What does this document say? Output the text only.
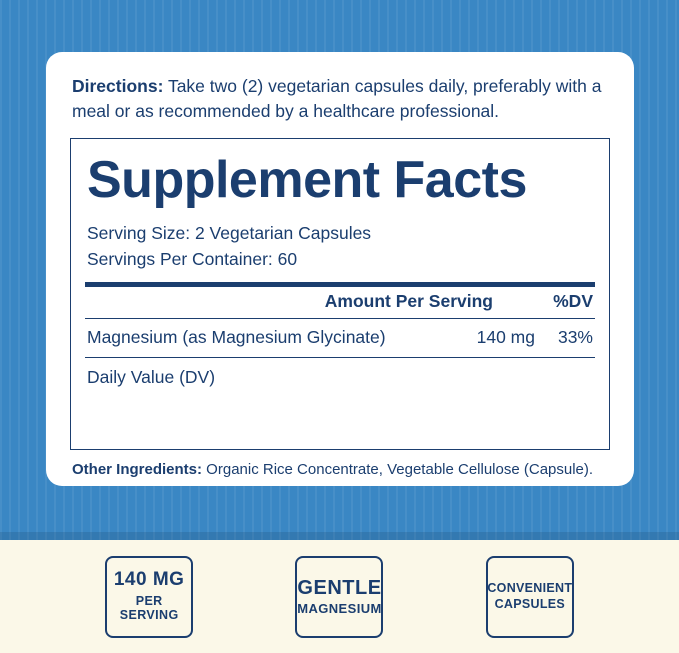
Directions: Take two (2) vegetarian capsules daily, preferably with a meal or as recommended by a healthcare professional.

Supplement Facts
Serving Size: 2 Vegetarian Capsules
Servings Per Container: 60
Amount Per Serving	%DV
Magnesium (as Magnesium Glycinate)	140 mg	33%
Daily Value (DV)

Other Ingredients: Organic Rice Concentrate, Vegetable Cellulose (Capsule).

140 MG
PER SERVING
GENTLE
MAGNESIUM
CONVENIENT
CAPSULES
